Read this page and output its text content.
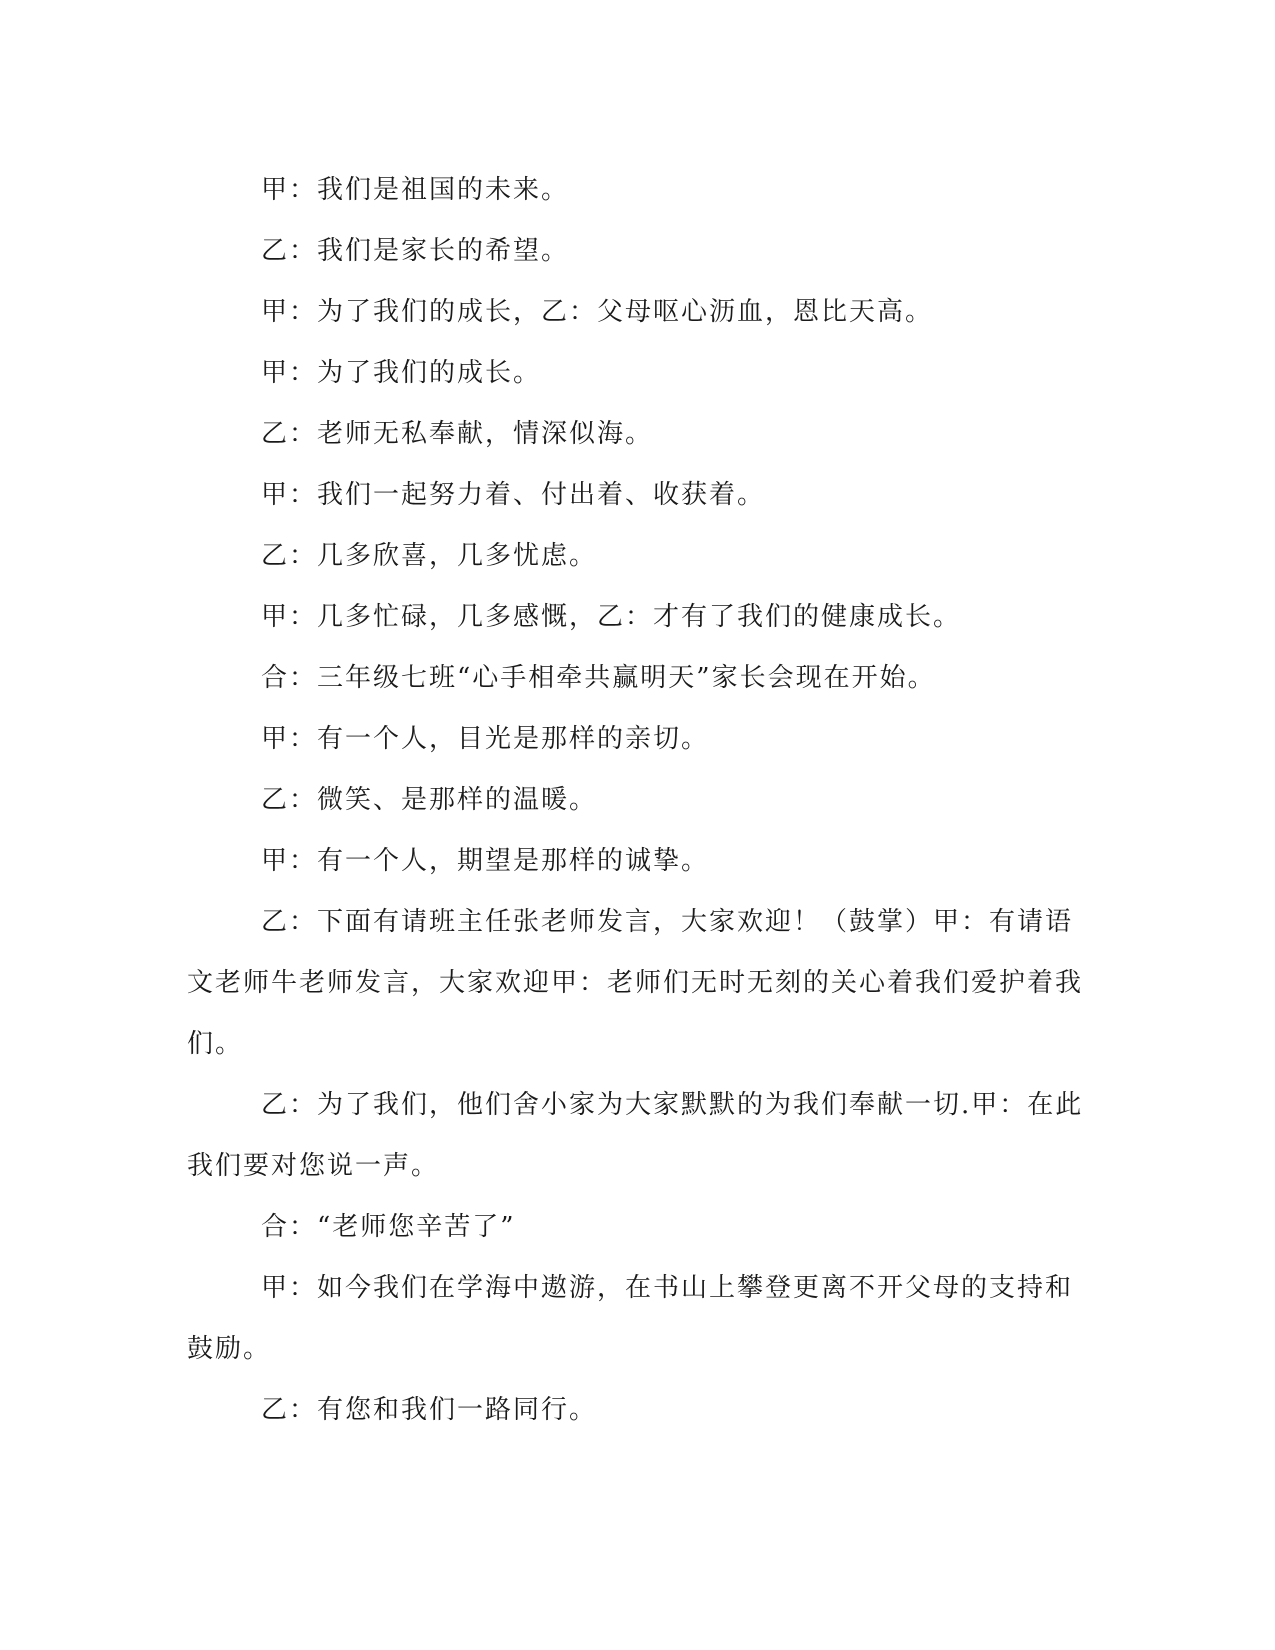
甲：我们是祖国的未来。

乙：我们是家长的希望。

甲：为了我们的成长，乙：父母呕心沥血，恩比天高。

甲：为了我们的成长。

乙：老师无私奉献，情深似海。

甲：我们一起努力着、付出着、收获着。

乙：几多欣喜，几多忧虑。

甲：几多忙碌，几多感慨，乙：才有了我们的健康成长。

合：三年级七班“心手相牵共赢明天”家长会现在开始。

甲：有一个人，目光是那样的亲切。

乙：微笑、是那样的温暖。

甲：有一个人，期望是那样的诚挚。

乙：下面有请班主任张老师发言，大家欢迎！（鼓掌）甲：有请语文老师牛老师发言，大家欢迎甲：老师们无时无刻的关心着我们爱护着我们。

乙：为了我们，他们舍小家为大家默默的为我们奉献一切.甲：在此我们要对您说一声。

合：“老师您辛苦了”

甲：如今我们在学海中遨游，在书山上攀登更离不开父母的支持和鼓励。

乙：有您和我们一路同行。
